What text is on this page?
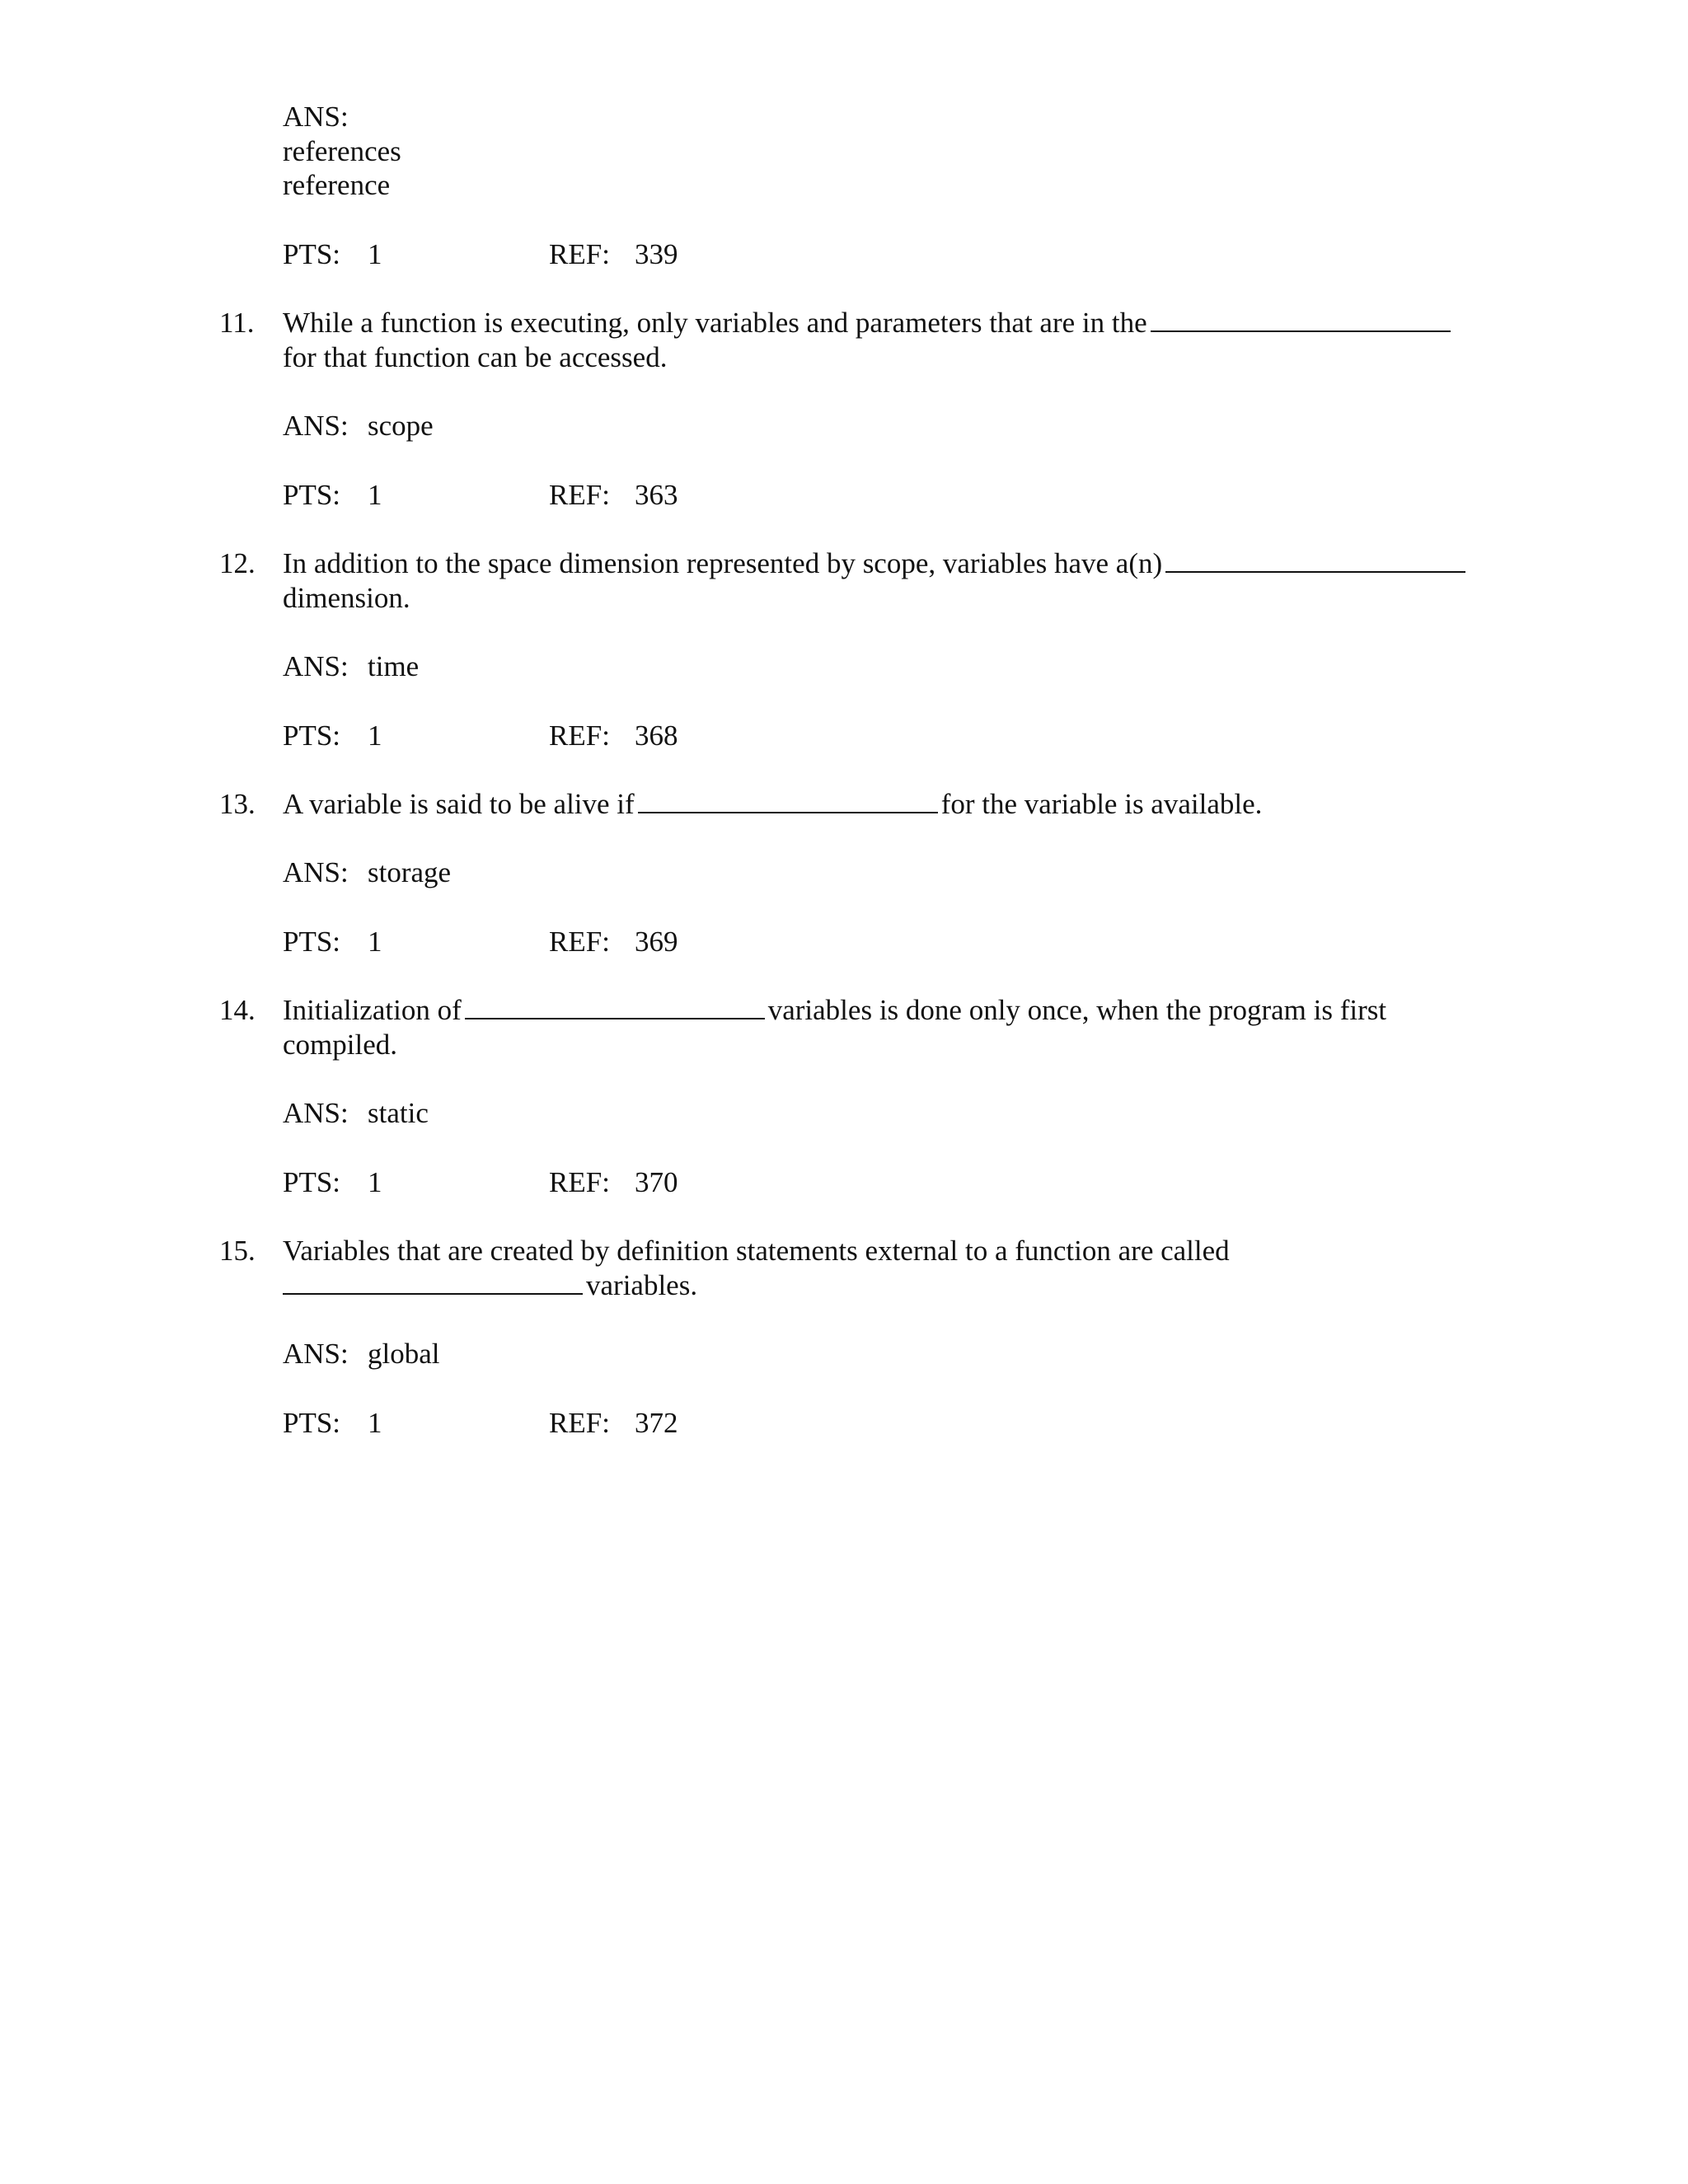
ANS:
references
reference
PTS: 1	REF: 339
11. While a function is executing, only variables and parameters that are in the
for that function can be accessed.
ANS: scope
PTS: 1	REF: 363
12. In addition to the space dimension represented by scope, variables have a(n)
dimension.
ANS: time
PTS: 1	REF: 368
13. A variable is said to be alive if	for the variable is available.
ANS: storage
PTS: 1	REF: 369
14. Initialization of	variables is done only once, when the program is first
compiled.
ANS: static
PTS: 1	REF: 370
15. Variables that are created by definition statements external to a function are called
variables.
ANS: global
PTS: 1	REF: 372
